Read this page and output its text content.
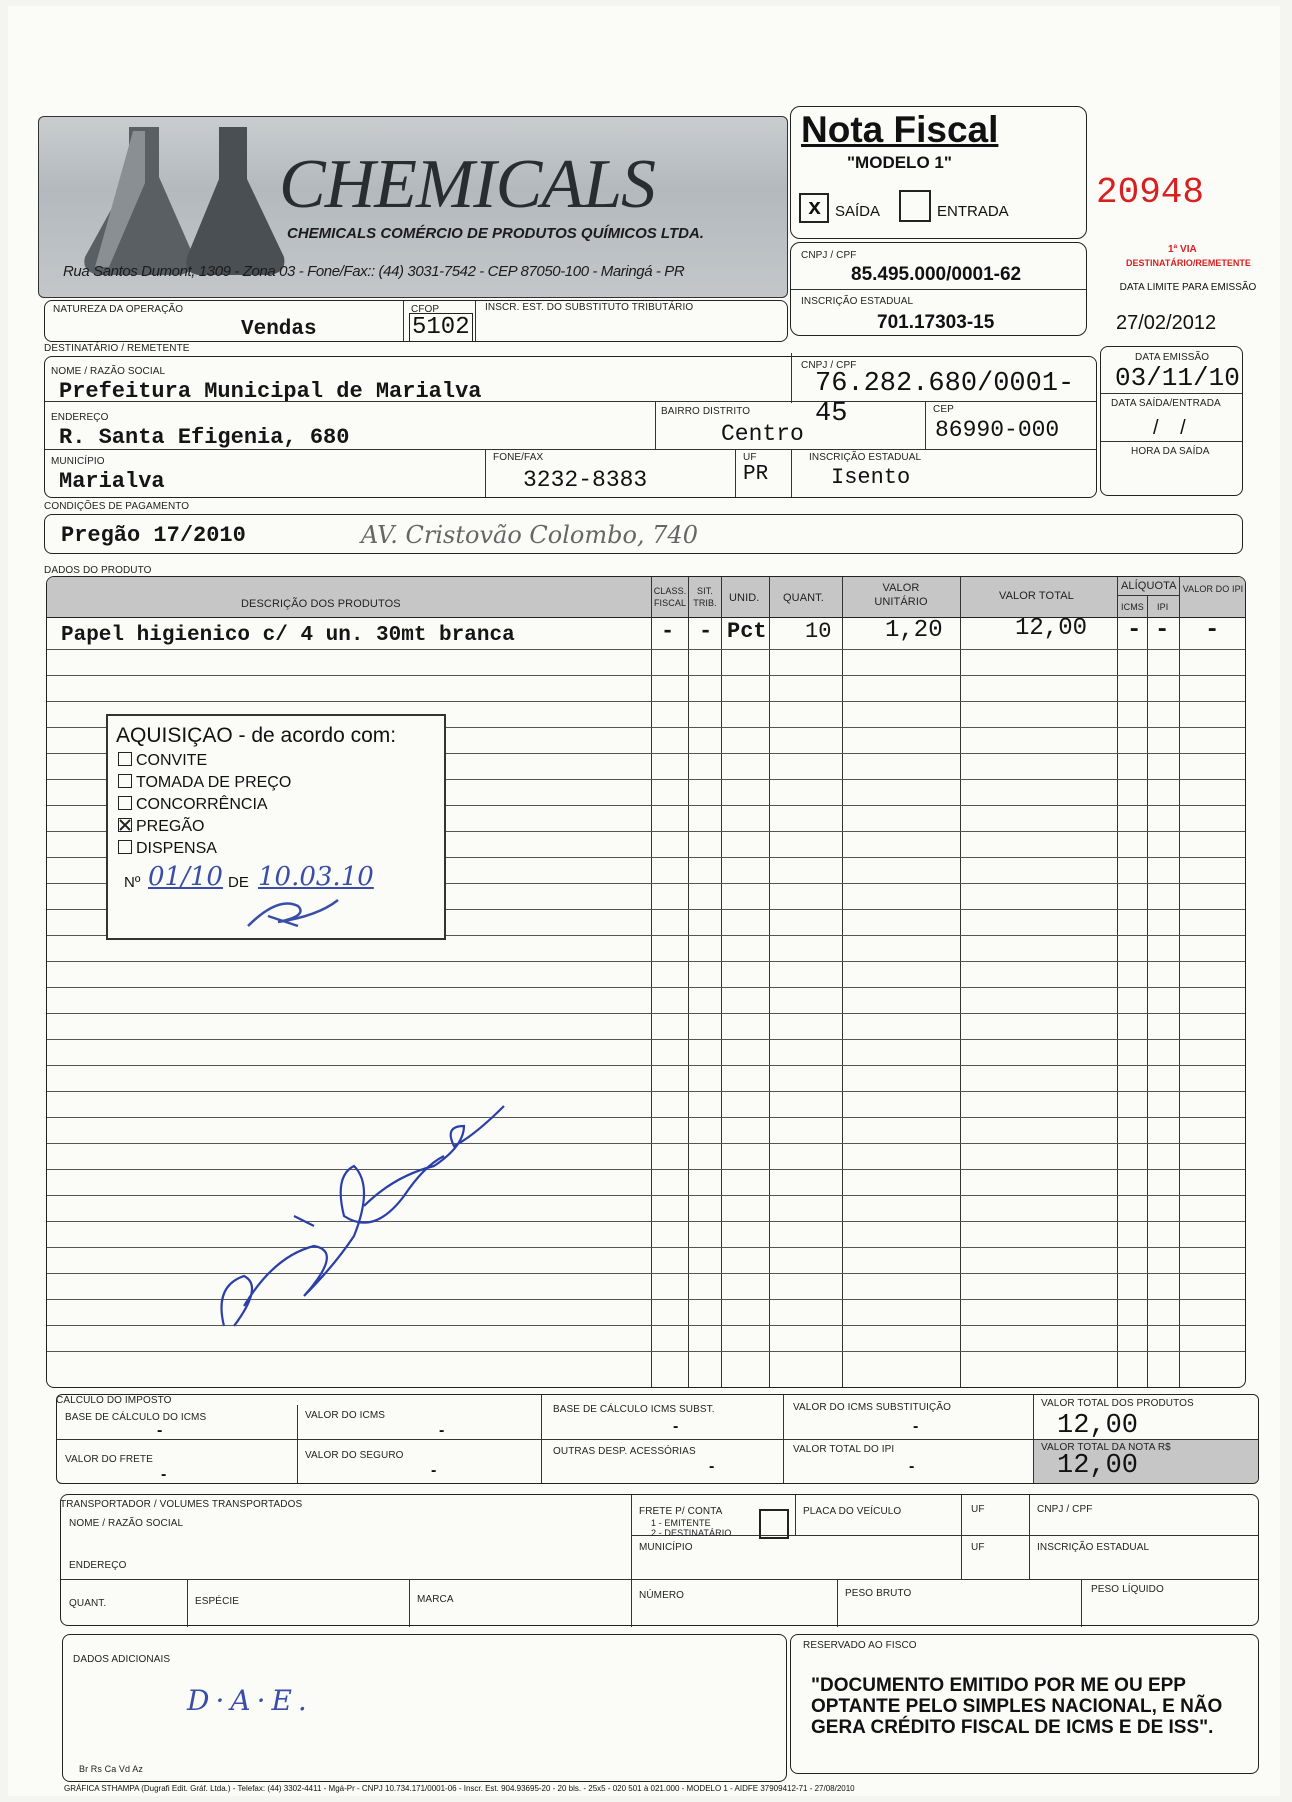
CHEMICALS
CHEMICALS COMÉRCIO DE PRODUTOS QUÍMICOS LTDA.
Rua Santos Dumont, 1309 - Zona 03 - Fone/Fax:: (44) 3031-7542 - CEP 87050-100 - Maringá - PR
Nota Fiscal
"MODELO 1"
x SAÍDA	ENTRADA 20948
CNPJ / CPF
85.495.000/0001-62
INSCRIÇÃO ESTADUAL
701.17303-15
1ª VIA
DESTINATÁRIO/REMETENTE
DATA LIMITE PARA EMISSÃO
27/02/2012
NATUREZA DA OPERAÇÃO
Vendas
CFOP
5102
INSCR. EST. DO SUBSTITUTO TRIBUTÁRIO
DESTINATÁRIO / REMETENTE
NOME / RAZÃO SOCIAL
Prefeitura Municipal de Marialva
CNPJ / CPF
76.282.680/0001-45
ENDEREÇO
R. Santa Efigenia, 680
BAIRRO DISTRITO
Centro
CEP
86990-000
MUNICÍPIO
Marialva
FONE/FAX
3232-8383
UF
PR
INSCRIÇÃO ESTADUAL
Isento
DATA EMISSÃO
03/11/10
DATA SAÍDA/ENTRADA
/ /
HORA DA SAÍDA
CONDIÇÕES DE PAGAMENTO
Pregão 17/2010	AV. Cristovão Colombo, 740
DADOS DO PRODUTO
DESCRIÇÃO DOS PRODUTOS
CLASS. FISCAL
SIT. TRIB. UNID. QUANT.
VALOR UNITÁRIO	VALOR TOTAL
ALÍQUOTA
ICMS IPI
VALOR DO IPI
Papel higienico c/ 4 un. 30mt branca	- - Pct 10 1,20	12,00 - - -
AQUISIÇAO - de acordo com:
CONVITE
TOMADA DE PREÇO
CONCORRÊNCIA
PREGÃO
DISPENSA
Nº 01/10 DE 10.03.10
CÁLCULO DO IMPOSTO
BASE DE CÁLCULO DO ICMS
-
VALOR DO ICMS
-
BASE DE CÁLCULO ICMS SUBST.
-
VALOR DO ICMS SUBSTITUIÇÃO
-
VALOR TOTAL DOS PRODUTOS
12,00
VALOR DO FRETE
-
VALOR DO SEGURO
-
OUTRAS DESP. ACESSÓRIAS
-
VALOR TOTAL DO IPI
-
VALOR TOTAL DA NOTA R$
12,00
TRANSPORTADOR / VOLUMES TRANSPORTADOS
NOME / RAZÃO SOCIAL
FRETE P/ CONTA
1 - EMITENTE
2 - DESTINATÁRIO
PLACA DO VEÍCULO	UF	CNPJ / CPF
ENDEREÇO
MUNICÍPIO	UF	INSCRIÇÃO ESTADUAL
QUANT.	ESPÉCIE	MARCA	NÚMERO	PESO BRUTO	PESO LÍQUIDO
DADOS ADICIONAIS
D·A·E.
Br Rs Ca Vd Az
RESERVADO AO FISCO
"DOCUMENTO EMITIDO POR ME OU EPP OPTANTE PELO SIMPLES NACIONAL, E NÃO GERA CRÉDITO FISCAL DE ICMS E DE ISS".
GRÁFICA STHAMPA (Dugrafi Edit. Gráf. Ltda.) - Telefax: (44) 3302-4411 - Mgá-Pr - CNPJ 10.734.171/0001-06 - Inscr. Est. 904.93695-20 - 20 bls. - 25x5 - 020 501 à 021.000 - MODELO 1 - AIDFE 37909412-71 - 27/08/2010
